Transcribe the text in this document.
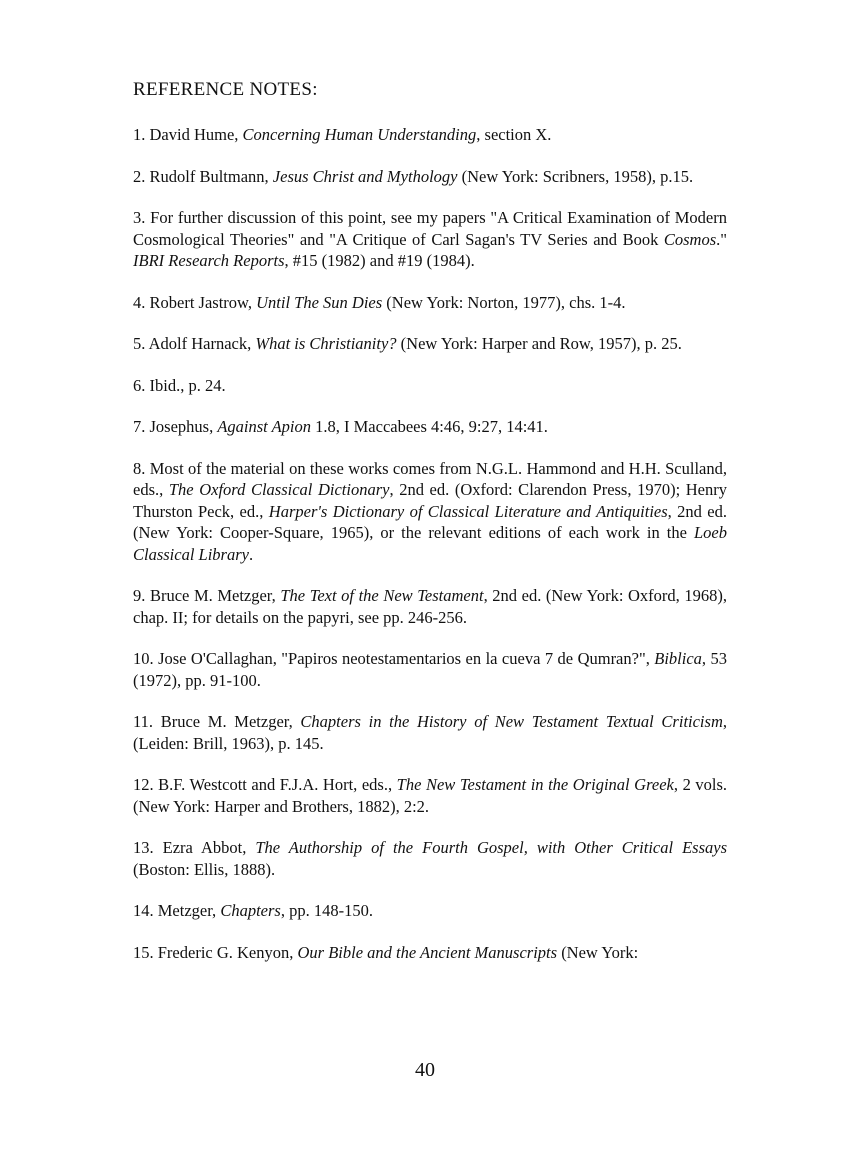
REFERENCE NOTES:

1. David Hume, Concerning Human Understanding, section X.

2. Rudolf Bultmann, Jesus Christ and Mythology (New York: Scribners, 1958), p.15.

3. For further discussion of this point, see my papers "A Critical Examination of Modern Cosmological Theories" and "A Critique of Carl Sagan's TV Series and Book Cosmos." IBRI Research Reports, #15 (1982) and #19 (1984).

4. Robert Jastrow, Until The Sun Dies (New York: Norton, 1977), chs. 1-4.

5. Adolf Harnack, What is Christianity? (New York: Harper and Row, 1957), p. 25.

6. Ibid., p. 24.

7. Josephus, Against Apion 1.8, I Maccabees 4:46, 9:27, 14:41.

8. Most of the material on these works comes from N.G.L. Hammond and H.H. Sculland, eds., The Oxford Classical Dictionary, 2nd ed. (Oxford: Clarendon Press, 1970); Henry Thurston Peck, ed., Harper's Dictionary of Classical Literature and Antiquities, 2nd ed. (New York: Cooper-Square, 1965), or the relevant editions of each work in the Loeb Classical Library.

9. Bruce M. Metzger, The Text of the New Testament, 2nd ed. (New York: Oxford, 1968), chap. II; for details on the papyri, see pp. 246-256.

10. Jose O'Callaghan, "Papiros neotestamentarios en la cueva 7 de Qumran?", Biblica, 53 (1972), pp. 91-100.

11. Bruce M. Metzger, Chapters in the History of New Testament Textual Criticism, (Leiden: Brill, 1963), p. 145.

12. B.F. Westcott and F.J.A. Hort, eds., The New Testament in the Original Greek, 2 vols. (New York: Harper and Brothers, 1882), 2:2.

13. Ezra Abbot, The Authorship of the Fourth Gospel, with Other Critical Essays (Boston: Ellis, 1888).

14. Metzger, Chapters, pp. 148-150.

15. Frederic G. Kenyon, Our Bible and the Ancient Manuscripts (New York:

40
